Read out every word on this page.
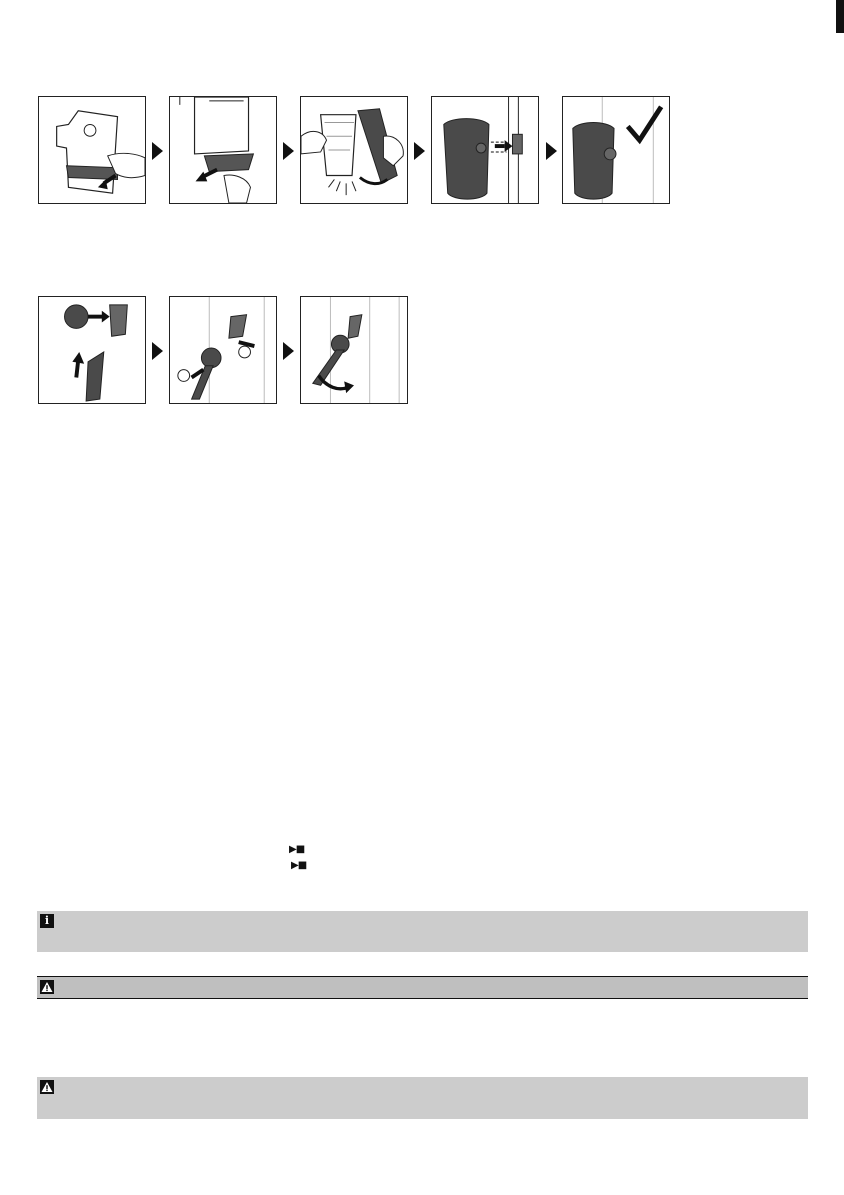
▶■
▶■
i
